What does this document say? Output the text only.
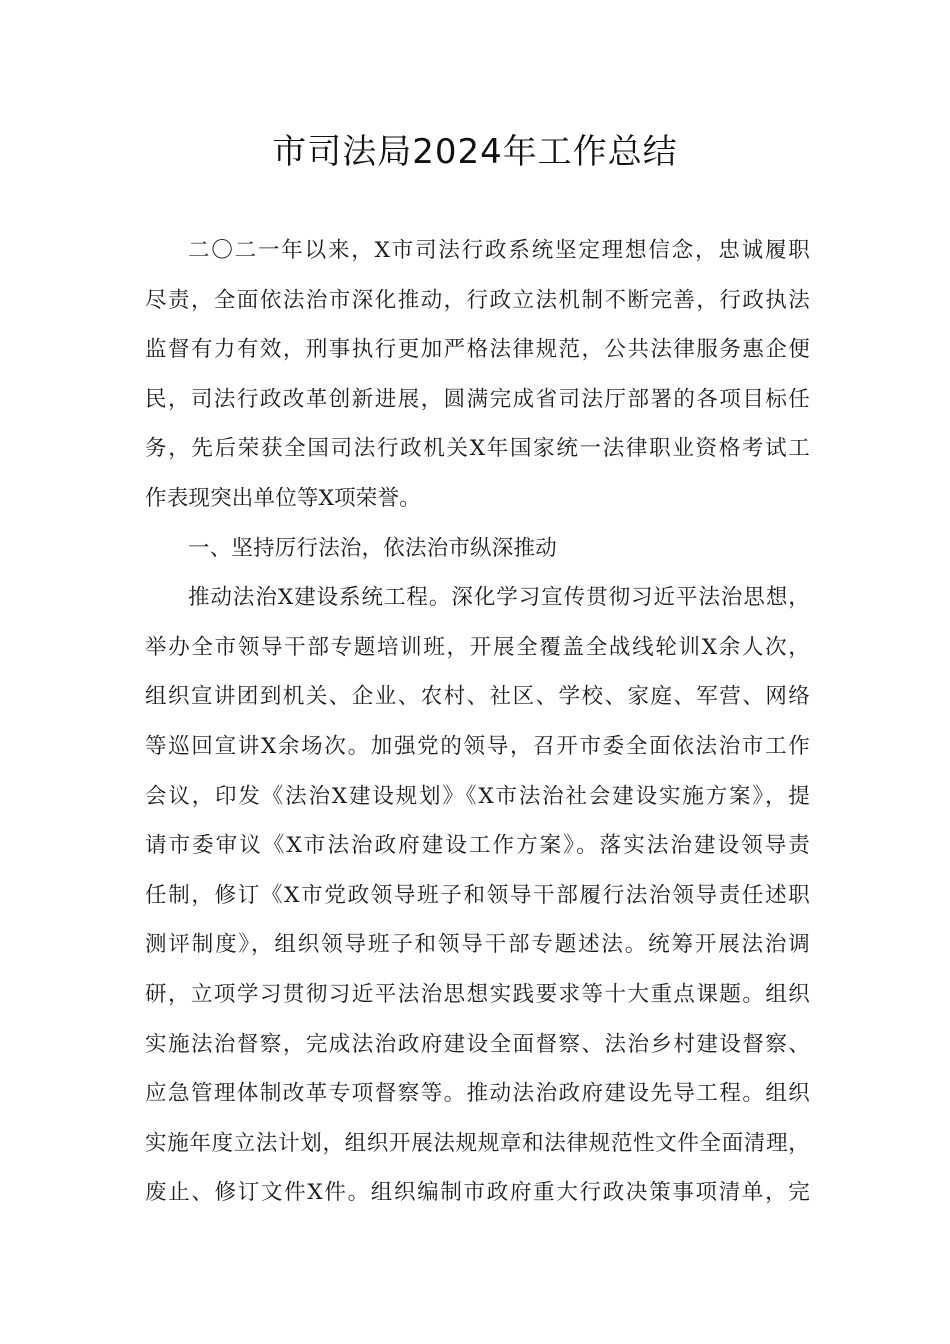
市司法局2024年工作总结
二〇二一年以来，X市司法行政系统坚定理想信念，忠诚履职
尽责，全面依法治市深化推动，行政立法机制不断完善，行政执法
监督有力有效，刑事执行更加严格法律规范，公共法律服务惠企便
民，司法行政改革创新进展，圆满完成省司法厅部署的各项目标任
务，先后荣获全国司法行政机关X年国家统一法律职业资格考试工
作表现突出单位等X项荣誉。
一、坚持厉行法治，依法治市纵深推动
推动法治X建设系统工程。深化学习宣传贯彻习近平法治思想，
举办全市领导干部专题培训班，开展全覆盖全战线轮训X余人次，
组织宣讲团到机关、企业、农村、社区、学校、家庭、军营、网络
等巡回宣讲X余场次。加强党的领导，召开市委全面依法治市工作
会议，印发《法治X建设规划》《X市法治社会建设实施方案》，提
请市委审议《X市法治政府建设工作方案》。落实法治建设领导责
任制，修订《X市党政领导班子和领导干部履行法治领导责任述职
测评制度》，组织领导班子和领导干部专题述法。统筹开展法治调
研，立项学习贯彻习近平法治思想实践要求等十大重点课题。组织
实施法治督察，完成法治政府建设全面督察、法治乡村建设督察、
应急管理体制改革专项督察等。推动法治政府建设先导工程。组织
实施年度立法计划，组织开展法规规章和法律规范性文件全面清理，
废止、修订文件X件。组织编制市政府重大行政决策事项清单，完
